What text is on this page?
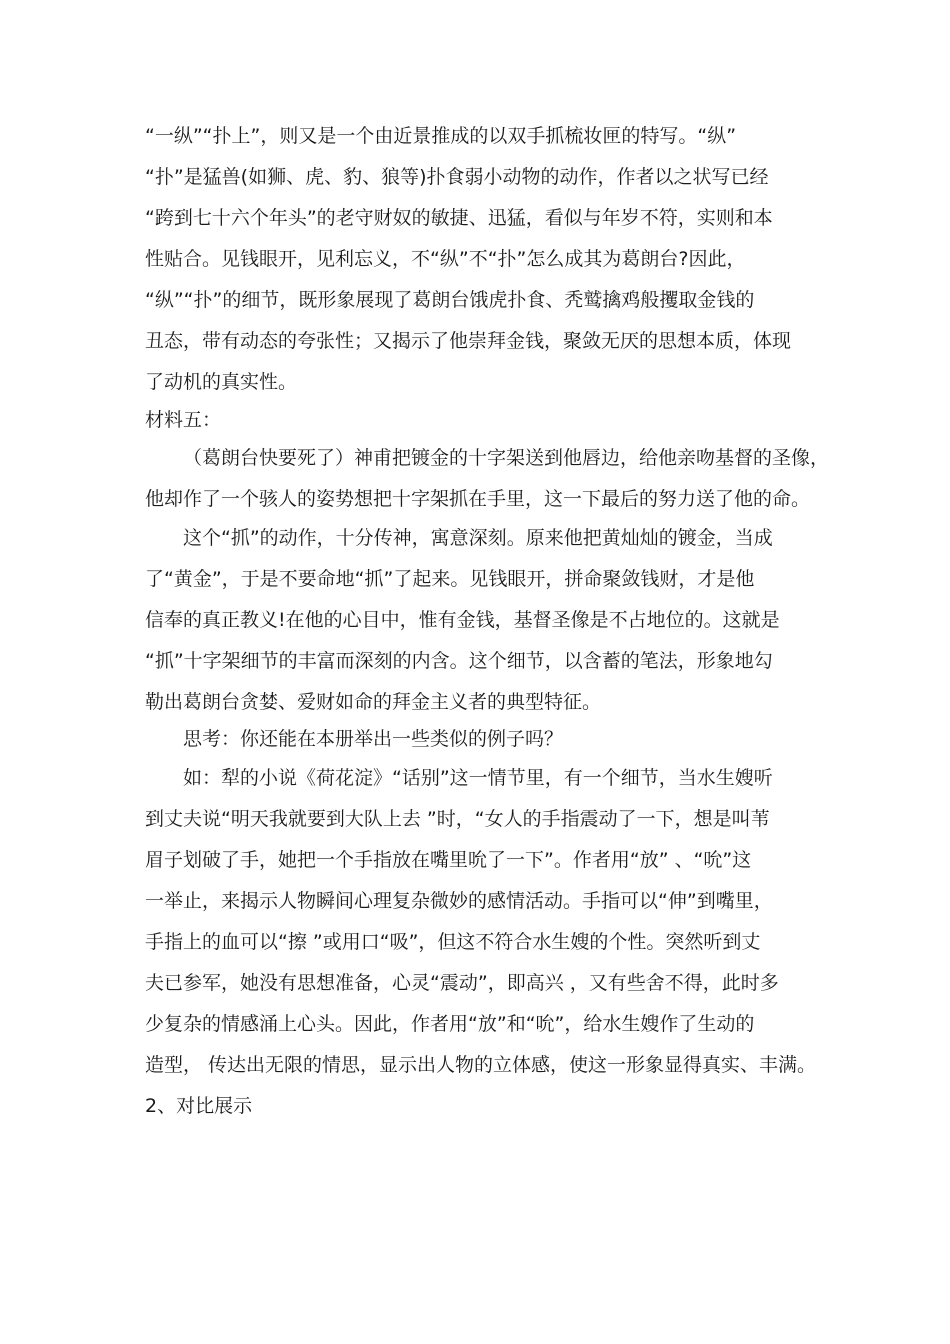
“一纵”“扑上”，则又是一个由近景推成的以双手抓梳妆匣的特写。“纵”

“扑”是猛兽(如狮、虎、豹、狼等)扑食弱小动物的动作，作者以之状写已经

“跨到七十六个年头”的老守财奴的敏捷、迅猛，看似与年岁不符，实则和本

性贴合。见钱眼开，见利忘义，不“纵”不“扑”怎么成其为葛朗台?因此，

“纵”“扑”的细节，既形象展现了葛朗台饿虎扑食、秃鹫擒鸡般攫取金钱的

丑态，带有动态的夸张性；又揭示了他崇拜金钱，聚敛无厌的思想本质，体现

了动机的真实性。

材料五：

（葛朗台快要死了）神甫把镀金的十字架送到他唇边，给他亲吻基督的圣像，

他却作了一个骇人的姿势想把十字架抓在手里，这一下最后的努力送了他的命。

这个“抓”的动作，十分传神，寓意深刻。原来他把黄灿灿的镀金，当成

了“黄金”，于是不要命地“抓”了起来。见钱眼开，拼命聚敛钱财，才是他

信奉的真正教义!在他的心目中，惟有金钱，基督圣像是不占地位的。这就是

“抓”十字架细节的丰富而深刻的内含。这个细节，以含蓄的笔法，形象地勾

勒出葛朗台贪婪、爱财如命的拜金主义者的典型特征。

思考：你还能在本册举出一些类似的例子吗？

如：犁的小说《荷花淀》“话别”这一情节里，有一个细节，当水生嫂听

到丈夫说“明天我就要到大队上去 ”时，“女人的手指震动了一下，想是叫苇

眉子划破了手，她把一个手指放在嘴里吮了一下”。作者用“放” 、“吮”这

一举止，来揭示人物瞬间心理复杂微妙的感情活动。手指可以“伸”到嘴里，

手指上的血可以“擦 ”或用口“吸”，但这不符合水生嫂的个性。突然听到丈

夫已参军，她没有思想准备，心灵“震动”，即高兴 ，又有些舍不得，此时多

少复杂的情感涌上心头。因此，作者用“放”和“吮”，给水生嫂作了生动的

造型， 传达出无限的情思，显示出人物的立体感，使这一形象显得真实、丰满。

2、对比展示
